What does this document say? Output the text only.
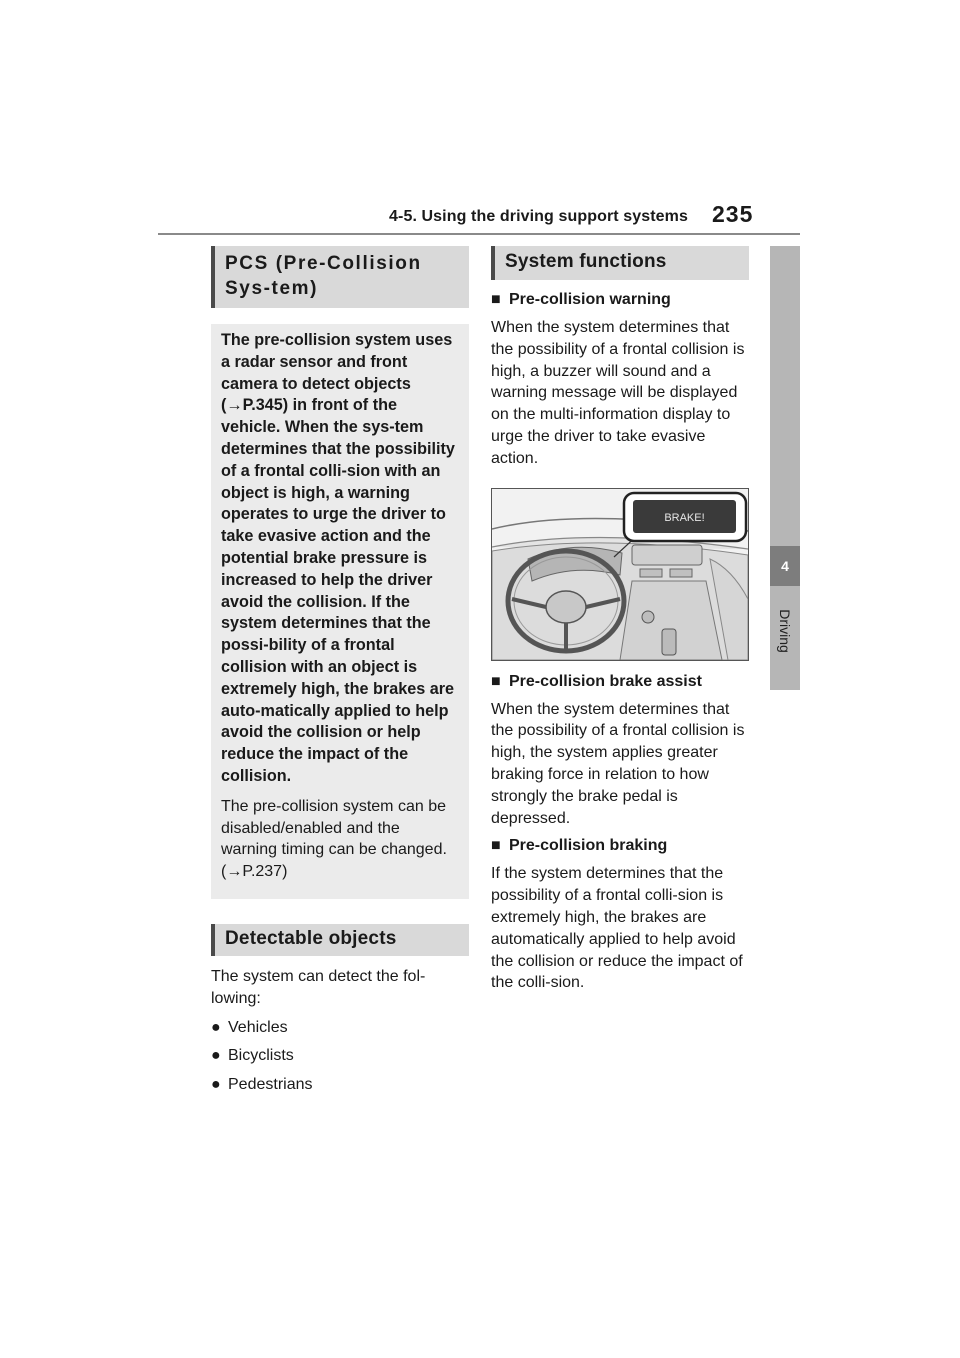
4-5. Using the driving support systems 235
4
Driving
PCS (Pre-Collision Sys-tem)
The pre-collision system uses a radar sensor and front camera to detect objects (→P.345) in front of the vehicle. When the sys-tem determines that the possibility of a frontal colli-sion with an object is high, a warning operates to urge the driver to take evasive action and the potential brake pressure is increased to help the driver avoid the collision. If the system determines that the possi-bility of a frontal collision with an object is extremely high, the brakes are auto-matically applied to help avoid the collision or help reduce the impact of the collision.
The pre-collision system can be disabled/enabled and the warning timing can be changed. (→P.237)
Detectable objects
The system can detect the fol-lowing:
● Vehicles
● Bicyclists
● Pedestrians
System functions
■ Pre-collision warning
When the system determines that the possibility of a frontal collision is high, a buzzer will sound and a warning message will be displayed on the multi-information display to urge the driver to take evasive action.
BRAKE!
■ Pre-collision brake assist
When the system determines that the possibility of a frontal collision is high, the system applies greater braking force in relation to how strongly the brake pedal is depressed.
■ Pre-collision braking
If the system determines that the possibility of a frontal colli-sion is extremely high, the brakes are automatically applied to help avoid the collision or reduce the impact of the colli-sion.
